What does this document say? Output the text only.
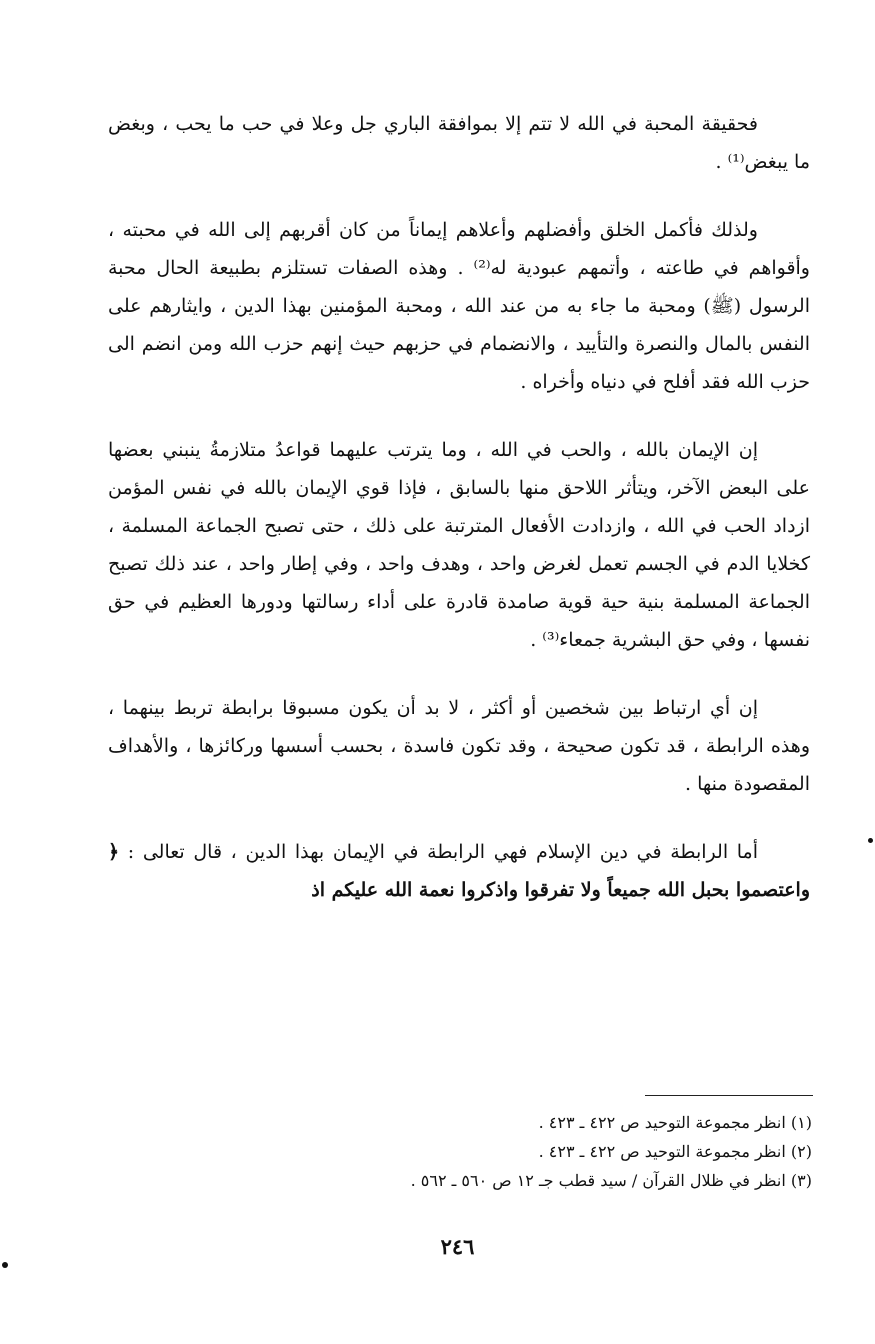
فحقيقة المحبة في الله لا تتم إلا بموافقة الباري جل وعلا في حب ما يحب ، وبغض ما يبغض⁽¹⁾ .

ولذلك فأكمل الخلق وأفضلهم وأعلاهم إيماناً من كان أقربهم إلى الله في محبته ، وأقواهم في طاعته ، وأتمهم عبودية له⁽²⁾ . وهذه الصفات تستلزم بطبيعة الحال محبة الرسول (ﷺ) ومحبة ما جاء به من عند الله ، ومحبة المؤمنين بهذا الدين ، وايثارهم على النفس بالمال والنصرة والتأييد ، والانضمام في حزبهم حيث إنهم حزب الله ومن انضم الى حزب الله فقد أفلح في دنياه وأخراه .

إن الإيمان بالله ، والحب في الله ، وما يترتب عليهما قواعدُ متلازمةُ ينبني بعضها على البعض الآخر، ويتأثر اللاحق منها بالسابق ، فإذا قوي الإيمان بالله في نفس المؤمن ازداد الحب في الله ، وازدادت الأفعال المترتبة على ذلك ، حتى تصبح الجماعة المسلمة ، كخلايا الدم في الجسم تعمل لغرض واحد ، وهدف واحد ، وفي إطار واحد ، عند ذلك تصبح الجماعة المسلمة بنية حية قوية صامدة قادرة على أداء رسالتها ودورها العظيم في حق نفسها ، وفي حق البشرية جمعاء⁽³⁾ .

إن أي ارتباط بين شخصين أو أكثر ، لا بد أن يكون مسبوقا برابطة تربط بينهما ، وهذه الرابطة ، قد تكون صحيحة ، وقد تكون فاسدة ، بحسب أسسها وركائزها ، والأهداف المقصودة منها .

أما الرابطة في دين الإسلام فهي الرابطة في الإيمان بهذا الدين ، قال تعالى : ﴿ واعتصموا بحبل الله جميعاً ولا تفرقوا واذكروا نعمة الله عليكم اذ

(١) انظر مجموعة التوحيد ص ٤٢٢ ـ ٤٢٣ .

(٢) انظر مجموعة التوحيد ص ٤٢٢ ـ ٤٢٣ .

(٣) انظر في ظلال القرآن / سيد قطب جـ ١٢ ص ٥٦٠ ـ ٥٦٢ .

٢٤٦
